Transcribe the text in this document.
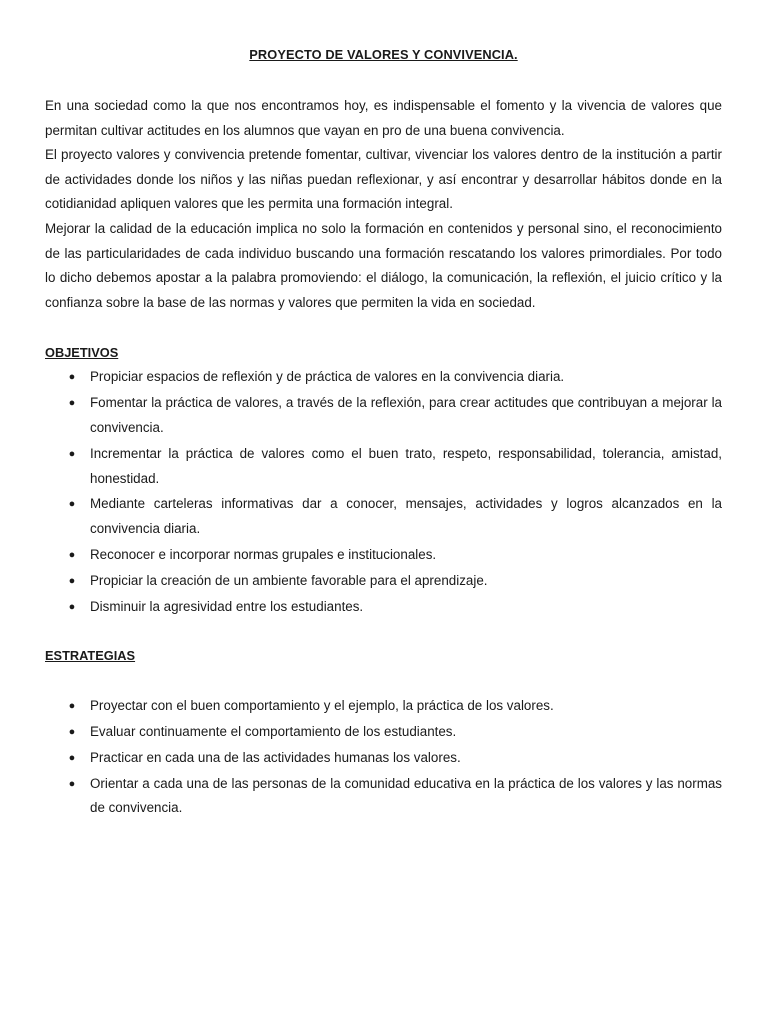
PROYECTO DE VALORES Y CONVIVENCIA.

En una sociedad como la que nos encontramos hoy, es indispensable el fomento y la vivencia de valores que permitan cultivar actitudes en los alumnos que vayan en pro de una buena convivencia.

El proyecto valores y convivencia pretende fomentar, cultivar, vivenciar los valores dentro de la institución a partir de actividades donde los niños y las niñas puedan reflexionar, y así encontrar y desarrollar hábitos donde en la cotidianidad apliquen valores que les permita una formación integral.

Mejorar la calidad de la educación implica no solo la formación en contenidos y personal sino, el reconocimiento de las particularidades de cada individuo buscando una formación rescatando los valores primordiales. Por todo lo dicho debemos apostar a la palabra promoviendo: el diálogo, la comunicación, la reflexión, el juicio crítico y la confianza sobre la base de las normas y valores que permiten la vida en sociedad.

OBJETIVOS
● Propiciar espacios de reflexión y de práctica de valores en la convivencia diaria.
● Fomentar la práctica de valores, a través de la reflexión, para crear actitudes que contribuyan a mejorar la convivencia.
● Incrementar la práctica de valores como el buen trato, respeto, responsabilidad, tolerancia, amistad, honestidad.
● Mediante carteleras informativas dar a conocer, mensajes, actividades y logros alcanzados en la convivencia diaria.
● Reconocer e incorporar normas grupales e institucionales.
● Propiciar la creación de un ambiente favorable para el aprendizaje.
● Disminuir la agresividad entre los estudiantes.
ESTRATEGIAS
● Proyectar con el buen comportamiento y el ejemplo, la práctica de los valores.
● Evaluar continuamente el comportamiento de los estudiantes.
● Practicar en cada una de las actividades humanas los valores.
● Orientar a cada una de las personas de la comunidad educativa en la práctica de los valores y las normas de convivencia.
